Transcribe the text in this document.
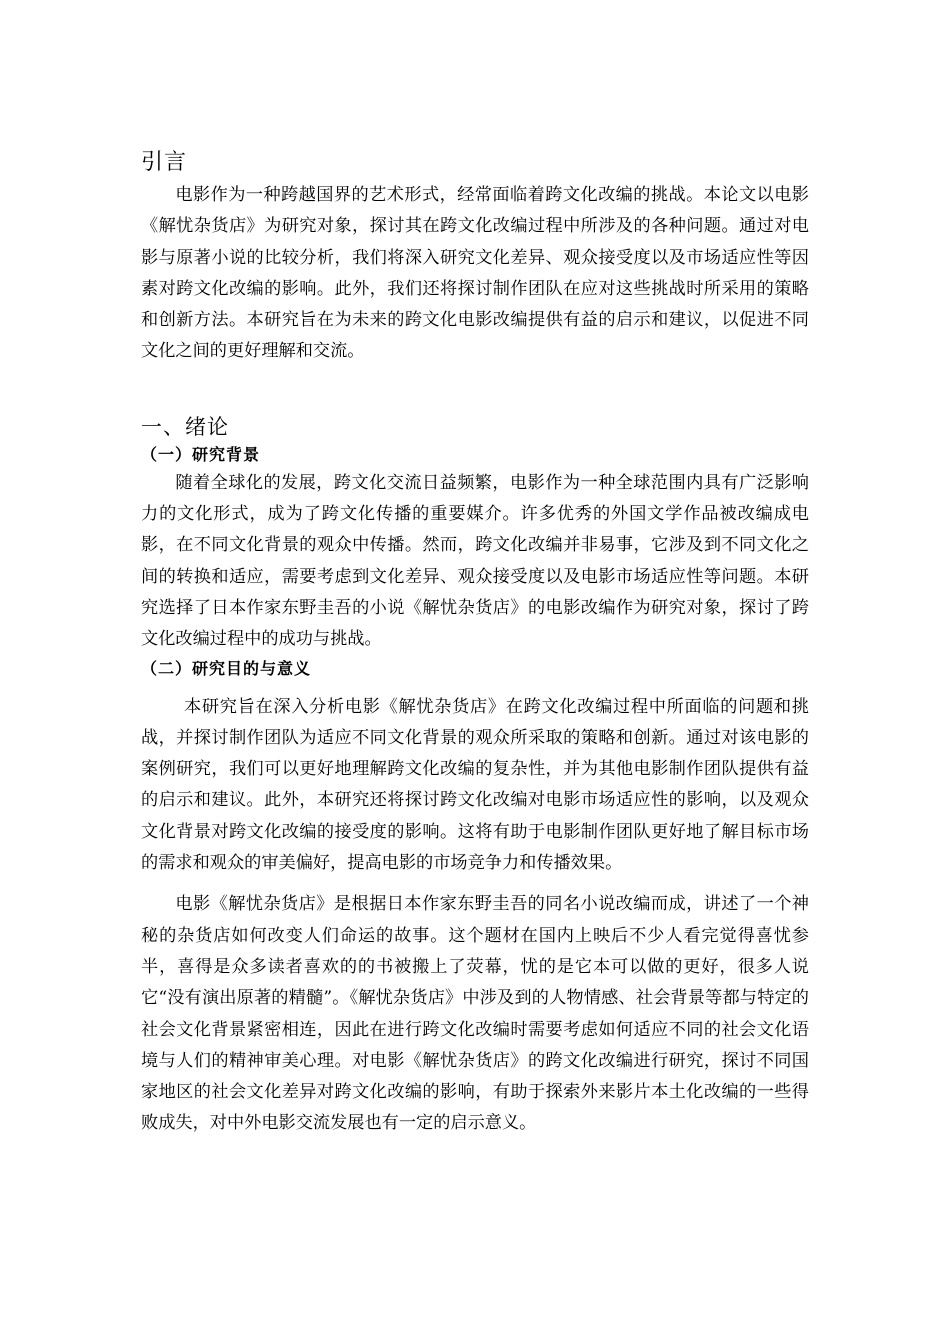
引言

电影作为一种跨越国界的艺术形式，经常面临着跨文化改编的挑战。本论文以电影《解忧杂货店》为研究对象，探讨其在跨文化改编过程中所涉及的各种问题。通过对电影与原著小说的比较分析，我们将深入研究文化差异、观众接受度以及市场适应性等因素对跨文化改编的影响。此外，我们还将探讨制作团队在应对这些挑战时所采用的策略和创新方法。本研究旨在为未来的跨文化电影改编提供有益的启示和建议，以促进不同文化之间的更好理解和交流。

一、绪论
（一）研究背景

随着全球化的发展，跨文化交流日益频繁，电影作为一种全球范围内具有广泛影响力的文化形式，成为了跨文化传播的重要媒介。许多优秀的外国文学作品被改编成电影，在不同文化背景的观众中传播。然而，跨文化改编并非易事，它涉及到不同文化之间的转换和适应，需要考虑到文化差异、观众接受度以及电影市场适应性等问题。本研究选择了日本作家东野圭吾的小说《解忧杂货店》的电影改编作为研究对象，探讨了跨文化改编过程中的成功与挑战。

（二）研究目的与意义

本研究旨在深入分析电影《解忧杂货店》在跨文化改编过程中所面临的问题和挑战，并探讨制作团队为适应不同文化背景的观众所采取的策略和创新。通过对该电影的案例研究，我们可以更好地理解跨文化改编的复杂性，并为其他电影制作团队提供有益的启示和建议。此外，本研究还将探讨跨文化改编对电影市场适应性的影响，以及观众文化背景对跨文化改编的接受度的影响。这将有助于电影制作团队更好地了解目标市场的需求和观众的审美偏好，提高电影的市场竞争力和传播效果。

电影《解忧杂货店》是根据日本作家东野圭吾的同名小说改编而成，讲述了一个神秘的杂货店如何改变人们命运的故事。这个题材在国内上映后不少人看完觉得喜忧参半，喜得是众多读者喜欢的的书被搬上了荧幕，忧的是它本可以做的更好，很多人说它“没有演出原著的精髓”。《解忧杂货店》中涉及到的人物情感、社会背景等都与特定的社会文化背景紧密相连，因此在进行跨文化改编时需要考虑如何适应不同的社会文化语境与人们的精神审美心理。对电影《解忧杂货店》的跨文化改编进行研究，探讨不同国家地区的社会文化差异对跨文化改编的影响，有助于探索外来影片本土化改编的一些得败成失，对中外电影交流发展也有一定的启示意义。
